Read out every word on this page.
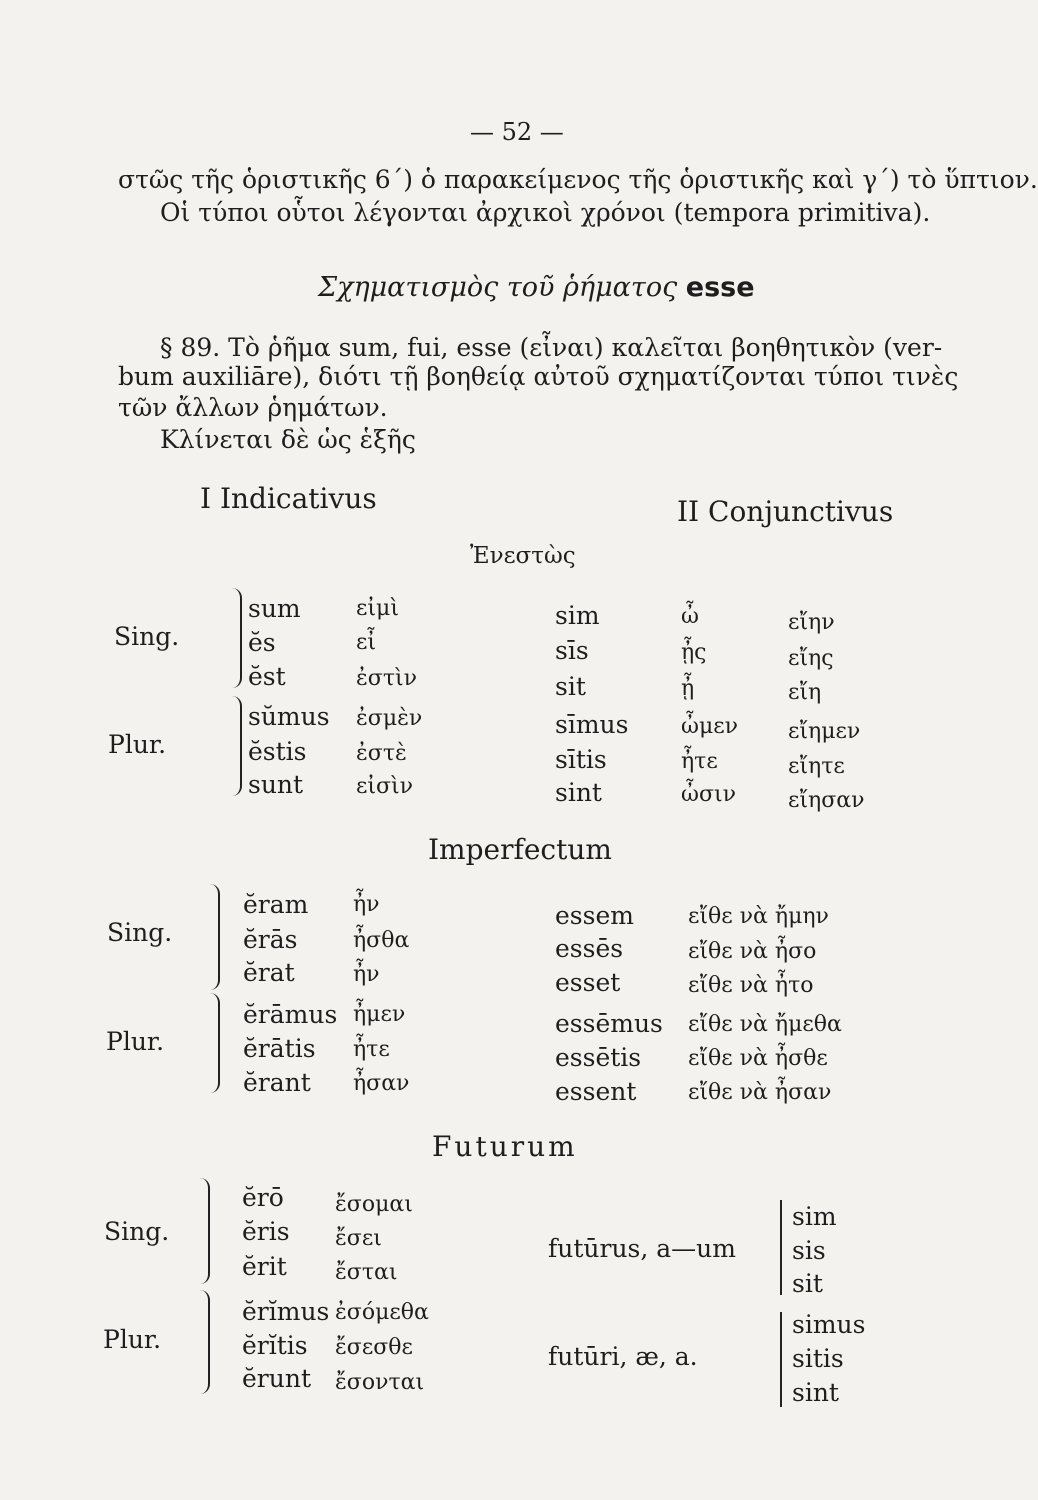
— 52 —
στῶς τῆς ὁριστικῆς 6´) ὁ παρακείμενος τῆς ὁριστικῆς καὶ γ´) τὸ ὕπτιον.
Οἱ τύποι οὗτοι λέγονται ἀρχικοὶ χρόνοι (tempora primitiva).
Σχηματισμὸς τοῦ ῥήματος esse
§ 89. Τὸ ῥῆμα sum, fui, esse (εἶναι) καλεῖται βοηθητικὸν (ver-
bum auxiliāre), διότι τῇ βοηθείᾳ αὐτοῦ σχηματίζονται τύποι τινὲς
τῶν ἄλλων ῥημάτων.
Κλίνεται δὲ ὡς ἑξῆς
I Indicativus	II Conjunctivus
Ἐνεστὼς
Sing.
Plur.
sum
ĕs
ĕst
sŭmus
ĕstis
sunt
εἰμὶ
εἶ
ἐστὶν
ἐσμὲν
ἐστὲ
εἰσὶν
sim
sīs
sit
sīmus
sītis
sint
ὦ
ᾖς
ᾖ
ὦμεν
ἦτε
ὦσιν
εἴην
εἴης
εἴη
εἴημεν
εἴητε
εἴησαν
Imperfectum
Sing.
Plur.
ĕram
ĕrās
ĕrat
ĕrāmus
ĕrātis
ĕrant
ἦν
ἦσθα
ἦν
ἦμεν
ἦτε
ἦσαν
essem
essēs
esset
essēmus
essētis
essent
εἴθε νὰ ἤμην
εἴθε νὰ ἦσο
εἴθε νὰ ἦτο
εἴθε νὰ ἤμεθα
εἴθε νὰ ἦσθε
εἴθε νὰ ἦσαν
Futurum
Sing.
Plur.
ĕrō
ĕris
ĕrit
ĕrĭmus
ĕrĭtis
ĕrunt
ἔσομαι
ἔσει
ἔσται
ἐσόμεθα
ἔσεσθε
ἔσονται
futūrus, a—um
futūri, æ, a.
sim
sis
sit
simus
sitis
sint
